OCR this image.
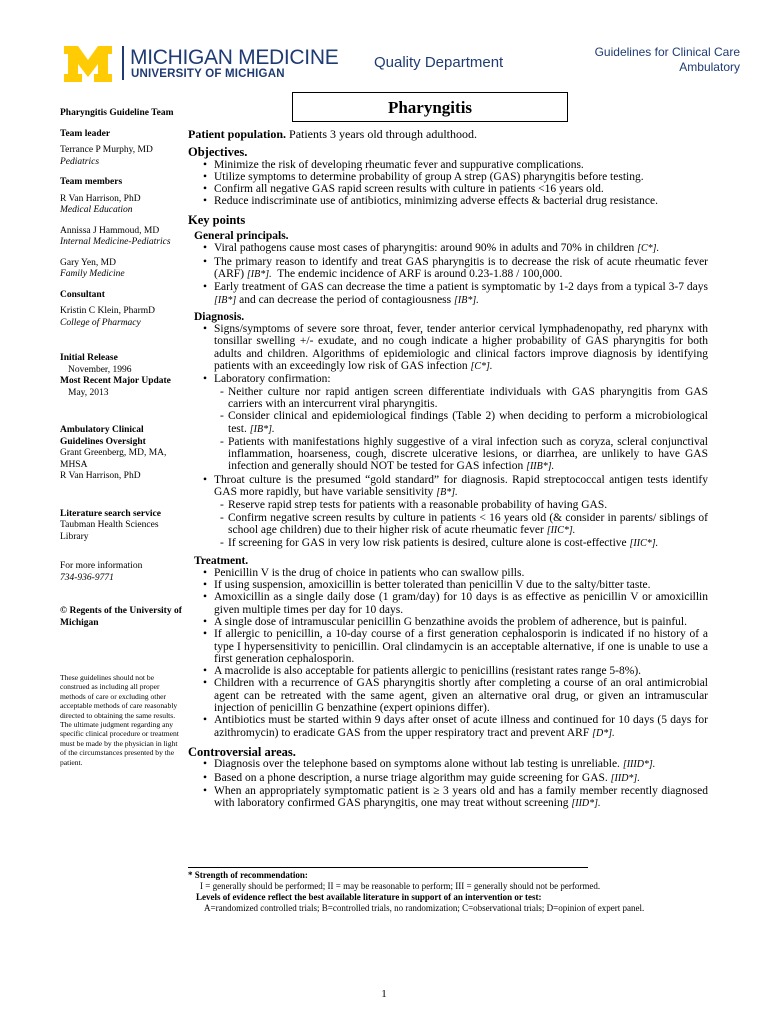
MICHIGAN MEDICINE
UNIVERSITY OF MICHIGAN
Quality Department
Guidelines for Clinical Care
Ambulatory
Pharyngitis Guideline Team
Team leader
Terrance P Murphy, MD
Pediatrics
Team members
R Van Harrison, PhD
Medical Education
Annissa J Hammoud, MD
Internal Medicine-Pediatrics
Gary Yen, MD
Family Medicine
Consultant
Kristin C Klein, PharmD
College of Pharmacy
Initial Release
November, 1996
Most Recent Major Update
May, 2013
Ambulatory Clinical Guidelines Oversight
Grant Greenberg, MD, MA, MHSA
R Van Harrison, PhD
Literature search service
Taubman Health Sciences Library
For more information
734-936-9771
© Regents of the University of Michigan
These guidelines should not be construed as including all proper methods of care or excluding other acceptable methods of care reasonably directed to obtaining the same results. The ultimate judgment regarding any specific clinical procedure or treatment must be made by the physician in light of the circumstances presented by the patient.
Pharyngitis
Patient population. Patients 3 years old through adulthood.
Objectives.
• Minimize the risk of developing rheumatic fever and suppurative complications.
• Utilize symptoms to determine probability of group A strep (GAS) pharyngitis before testing.
• Confirm all negative GAS rapid screen results with culture in patients <16 years old.
• Reduce indiscriminate use of antibiotics, minimizing adverse effects & bacterial drug resistance.
Key points
General principals.
• Viral pathogens cause most cases of pharyngitis: around 90% in adults and 70% in children [C*].
• The primary reason to identify and treat GAS pharyngitis is to decrease the risk of acute rheumatic fever (ARF) [IB*]. The endemic incidence of ARF is around 0.23-1.88 / 100,000.
• Early treatment of GAS can decrease the time a patient is symptomatic by 1-2 days from a typical 3-7 days [IB*] and can decrease the period of contagiousness [IB*].
Diagnosis.
• Signs/symptoms of severe sore throat, fever, tender anterior cervical lymphadenopathy, red pharynx with tonsillar swelling +/- exudate, and no cough indicate a higher probability of GAS pharyngitis for both adults and children. Algorithms of epidemiologic and clinical factors improve diagnosis by identifying patients with an exceedingly low risk of GAS infection [C*].
• Laboratory confirmation:
- Neither culture nor rapid antigen screen differentiate individuals with GAS pharyngitis from GAS carriers with an intercurrent viral pharyngitis.
- Consider clinical and epidemiological findings (Table 2) when deciding to perform a microbiological test. [IB*].
- Patients with manifestations highly suggestive of a viral infection such as coryza, scleral conjunctival inflammation, hoarseness, cough, discrete ulcerative lesions, or diarrhea, are unlikely to have GAS infection and generally should NOT be tested for GAS infection [IIB*].
• Throat culture is the presumed “gold standard” for diagnosis. Rapid streptococcal antigen tests identify GAS more rapidly, but have variable sensitivity [B*].
- Reserve rapid strep tests for patients with a reasonable probability of having GAS.
- Confirm negative screen results by culture in patients < 16 years old (& consider in parents/ siblings of school age children) due to their higher risk of acute rheumatic fever [IIC*].
- If screening for GAS in very low risk patients is desired, culture alone is cost-effective [IIC*].
Treatment.
• Penicillin V is the drug of choice in patients who can swallow pills.
• If using suspension, amoxicillin is better tolerated than penicillin V due to the salty/bitter taste.
• Amoxicillin as a single daily dose (1 gram/day) for 10 days is as effective as penicillin V or amoxicillin given multiple times per day for 10 days.
• A single dose of intramuscular penicillin G benzathine avoids the problem of adherence, but is painful.
• If allergic to penicillin, a 10-day course of a first generation cephalosporin is indicated if no history of a type I hypersensitivity to penicillin. Oral clindamycin is an acceptable alternative, if one is unable to use a first generation cephalosporin.
• A macrolide is also acceptable for patients allergic to penicillins (resistant rates range 5-8%).
• Children with a recurrence of GAS pharyngitis shortly after completing a course of an oral antimicrobial agent can be retreated with the same agent, given an alternative oral drug, or given an intramuscular injection of penicillin G benzathine (expert opinions differ).
• Antibiotics must be started within 9 days after onset of acute illness and continued for 10 days (5 days for azithromycin) to eradicate GAS from the upper respiratory tract and prevent ARF [D*].
Controversial areas.
• Diagnosis over the telephone based on symptoms alone without lab testing is unreliable. [IIID*].
• Based on a phone description, a nurse triage algorithm may guide screening for GAS. [IID*].
• When an appropriately symptomatic patient is ≥ 3 years old and has a family member recently diagnosed with laboratory confirmed GAS pharyngitis, one may treat without screening [IID*].
* Strength of recommendation:
I = generally should be performed; II = may be reasonable to perform; III = generally should not be performed.
Levels of evidence reflect the best available literature in support of an intervention or test:
A=randomized controlled trials; B=controlled trials, no randomization; C=observational trials; D=opinion of expert panel.
1
